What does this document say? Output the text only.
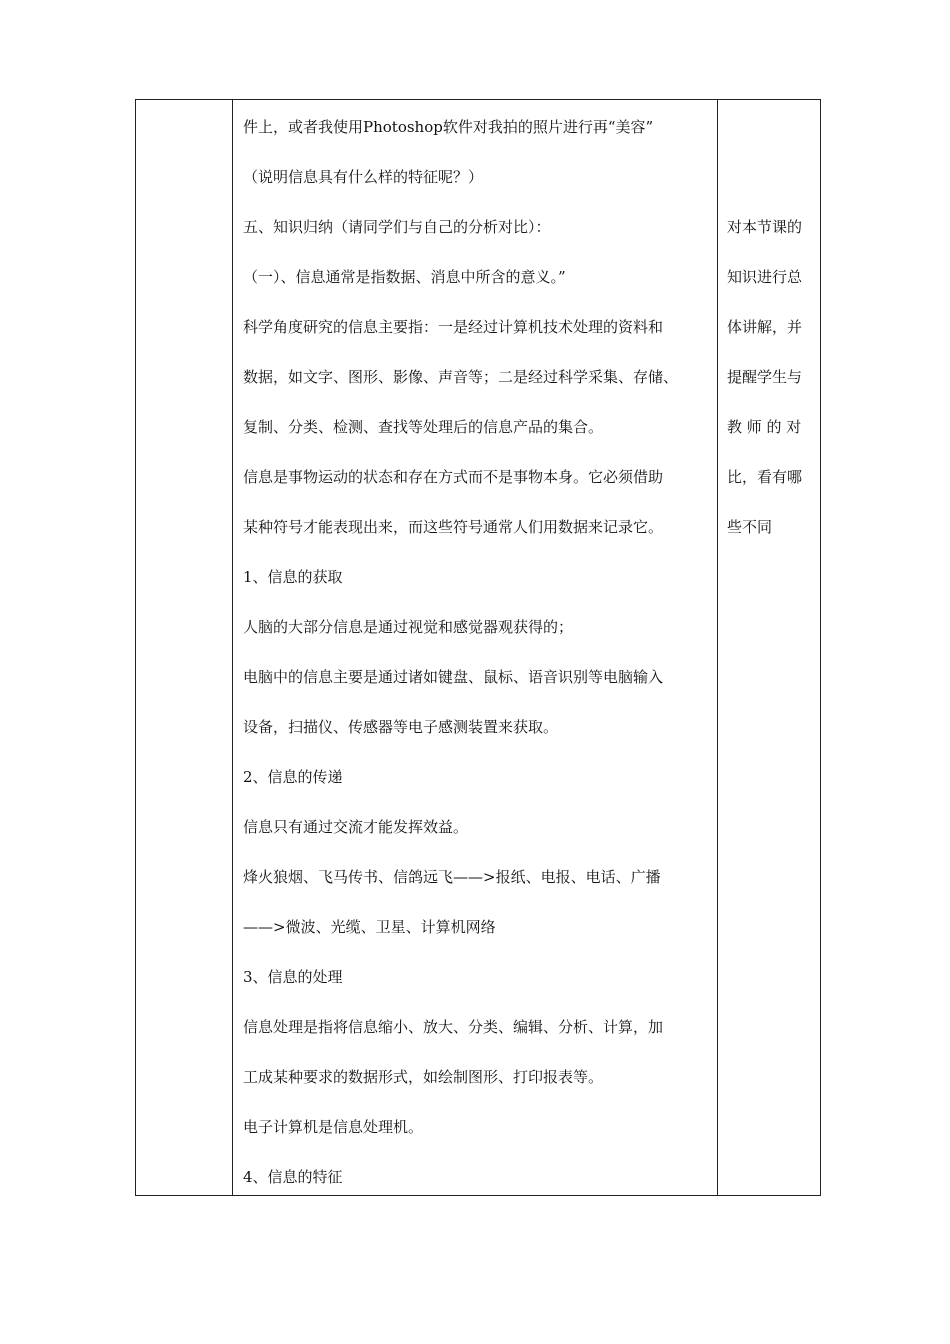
件上，或者我使用Photoshop软件对我拍的照片进行再“美容”
（说明信息具有什么样的特征呢？）
五、知识归纳（请同学们与自己的分析对比）：
（一）、信息通常是指数据、消息中所含的意义。”
科学角度研究的信息主要指：一是经过计算机技术处理的资料和
数据，如文字、图形、影像、声音等；二是经过科学采集、存储、
复制、分类、检测、查找等处理后的信息产品的集合。
信息是事物运动的状态和存在方式而不是事物本身。它必须借助
某种符号才能表现出来，而这些符号通常人们用数据来记录它。
1、信息的获取
人脑的大部分信息是通过视觉和感觉器观获得的；
电脑中的信息主要是通过诸如键盘、鼠标、语音识别等电脑输入
设备，扫描仪、传感器等电子感测装置来获取。
2、信息的传递
信息只有通过交流才能发挥效益。
烽火狼烟、飞马传书、信鸽远飞——>报纸、电报、电话、广播
——>微波、光缆、卫星、计算机网络
3、信息的处理
信息处理是指将信息缩小、放大、分类、编辑、分析、计算，加
工成某种要求的数据形式，如绘制图形、打印报表等。
电子计算机是信息处理机。
4、信息的特征
对本节课的
知识进行总
体讲解，并
提醒学生与
教 师 的 对
比，看有哪
些不同
